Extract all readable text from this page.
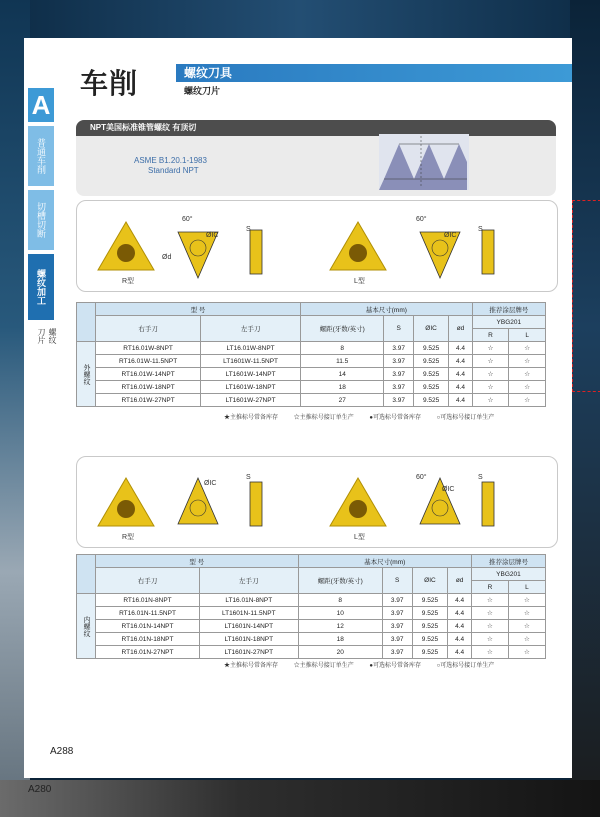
A
普通车削
切槽切断
螺纹加工
螺纹刀片
车削	螺纹刀具
螺纹刀片
NPT美国标准锥管螺纹 有顶切
ASME B1.20.1-1983
Standard NPT
R型
60°
ØIC
S
Ød
L型
60°
ØIC
S
	型 号		基本尺寸(mm)				推荐涂层牌号	
	右手刀	左手刀	螺距(牙数/英寸)	S	ØIC	ød	YBG201	
							R	L
外螺纹	RT16.01W-8NPT	LT16.01W-8NPT	8	3.97	9.525	4.4	☆	☆
	RT16.01W-11.5NPT	LT1601W-11.5NPT	11.5	3.97	9.525	4.4	☆	☆
	RT16.01W-14NPT	LT1601W-14NPT	14	3.97	9.525	4.4	☆	☆
	RT16.01W-18NPT	LT1601W-18NPT	18	3.97	9.525	4.4	☆	☆
	RT16.01W-27NPT	LT1601W-27NPT	27	3.97	9.525	4.4	☆	☆
★主推标号常备库存	☆主推标号接订单生产	●可选标号常备库存	○可选标号接订单生产
R型
ØIC
S
L型
60°
ØIC
S
	型 号		基本尺寸(mm)				推荐涂层牌号	
	右手刀	左手刀	螺距(牙数/英寸)	S	ØIC	ød	YBG201	
							R	L
内螺纹	RT16.01N-8NPT	LT16.01N-8NPT	8	3.97	9.525	4.4	☆	☆
	RT16.01N-11.5NPT	LT1601N-11.5NPT	10	3.97	9.525	4.4	☆	☆
	RT16.01N-14NPT	LT1601N-14NPT	12	3.97	9.525	4.4	☆	☆
	RT16.01N-18NPT	LT1601N-18NPT	18	3.97	9.525	4.4	☆	☆
	RT16.01N-27NPT	LT1601N-27NPT	20	3.97	9.525	4.4	☆	☆
★主推标号常备库存	☆主推标号接订单生产	●可选标号常备库存	○可选标号接订单生产
A288
A280
